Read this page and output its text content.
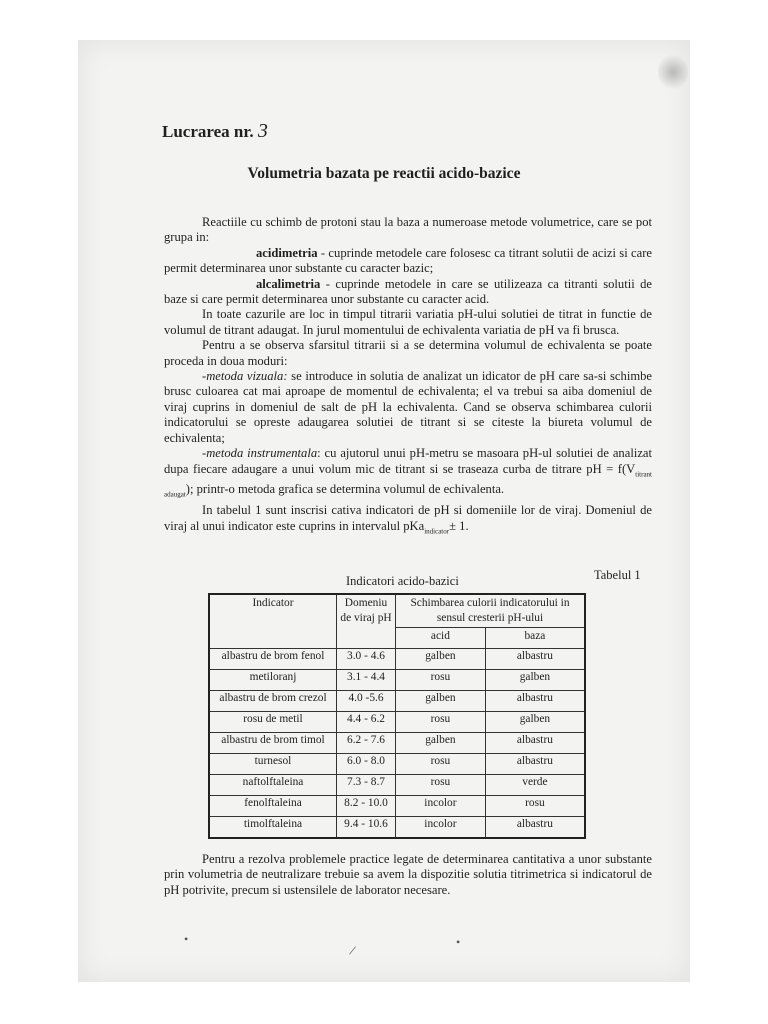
Lucrarea nr. 3
Volumetria bazata pe reactii acido-bazice

Reactiile cu schimb de protoni stau la baza a numeroase metode volumetrice, care se pot grupa in:

acidimetria - cuprinde metodele care folosesc ca titrant solutii de acizi si care permit determinarea unor substante cu caracter bazic;

alcalimetria - cuprinde metodele in care se utilizeaza ca titranti solutii de baze si care permit determinarea unor substante cu caracter acid.

In toate cazurile are loc in timpul titrarii variatia pH-ului solutiei de titrat in functie de volumul de titrant adaugat. In jurul momentului de echivalenta variatia de pH va fi brusca.

Pentru a se observa sfarsitul titrarii si a se determina volumul de echivalenta se poate proceda in doua moduri:

-metoda vizuala: se introduce in solutia de analizat un idicator de pH care sa-si schimbe brusc culoarea cat mai aproape de momentul de echivalenta; el va trebui sa aiba domeniul de viraj cuprins in domeniul de salt de pH la echivalenta. Cand se observa schimbarea culorii indicatorului se opreste adaugarea solutiei de titrant si se citeste la biureta volumul de echivalenta;

-metoda instrumentala: cu ajutorul unui pH-metru se masoara pH-ul solutiei de analizat dupa fiecare adaugare a unui volum mic de titrant si se traseaza curba de titrare pH = $f(V_{titrant adaugat})$; printr-o metoda grafica se determina volumul de echivalenta.

In tabelul 1 sunt inscrisi cativa indicatori de pH si domeniile lor de viraj. Domeniul de viraj al unui indicator este cuprins in intervalul pKa$_{indicator}$± 1.

Tabelul 1
Indicatori acido-bazici
Indicator	Domeniu de viraj pH	Schimbarea culorii indicatorului in sensul cresterii pH-ului	
		acid	baza
albastru de brom fenol	3.0 - 4.6	galben	albastru
metiloranj	3.1 - 4.4	rosu	galben
albastru de brom crezol	4.0 -5.6	galben	albastru
rosu de metil	4.4 - 6.2	rosu	galben
albastru de brom timol	6.2 - 7.6	galben	albastru
turnesol	6.0 - 8.0	rosu	albastru
naftolftaleina	7.3 - 8.7	rosu	verde
fenolftaleina	8.2 - 10.0	incolor	rosu
timolftaleina	9.4 - 10.6	incolor	albastru

Pentru a rezolva problemele practice legate de determinarea cantitativa a unor substante prin volumetria de neutralizare trebuie sa avem la dispozitie solutia titrimetrica si indicatorul de pH potrivite, precum si ustensilele de laborator necesare.

•	•
/
